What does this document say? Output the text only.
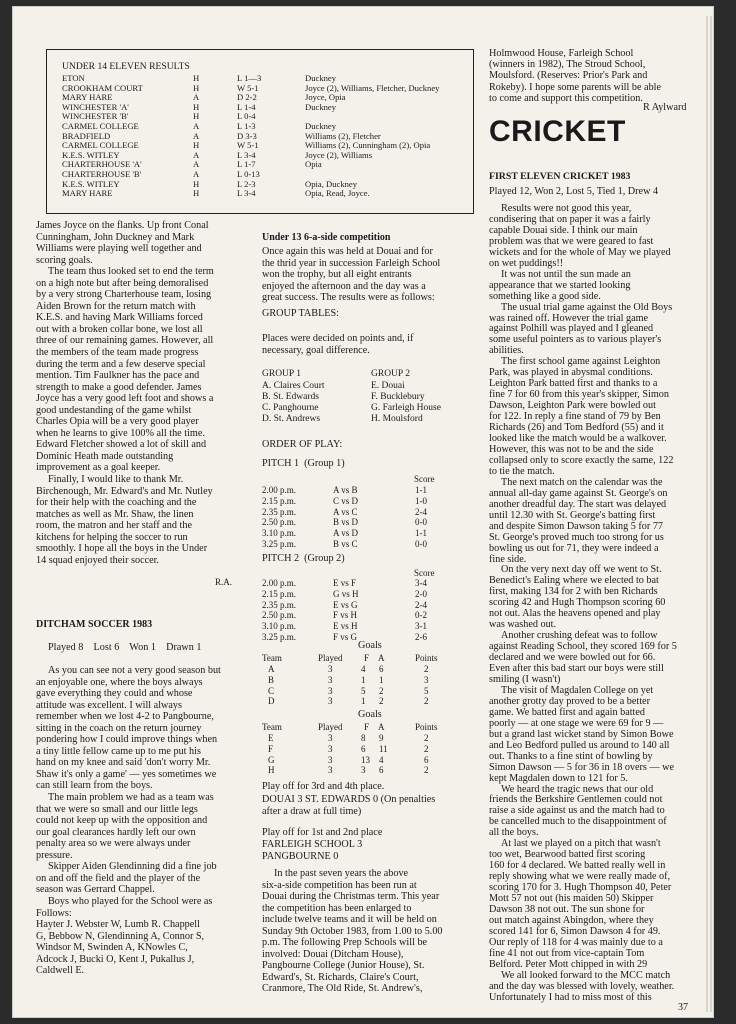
UNDER 14 ELEVEN RESULTS
ETON	H	L 1—3	Duckney
CROOKHAM COURT	H	W 5-1	Joyce (2), Williams, Fletcher, Duckney
MARY HARE	A	D 2-2	Joyce, Opia
WINCHESTER 'A'	H	L 1-4	Duckney
WINCHESTER 'B'	H	L 0-4
CARMEL COLLEGE	A	L 1-3	Duckney
BRADFIELD	A	D 3-3	Williams (2), Fletcher
CARMEL COLLEGE	H	W 5-1	Williams (2), Cunningham (2), Opia
K.E.S. WITLEY	A	L 3-4	Joyce (2), Williams
CHARTERHOUSE 'A'	A	L 1-7	Opia
CHARTERHOUSE 'B'	A	L 0-13
K.E.S. WITLEY	H	L 2-3	Opia, Duckney
MARY HARE	H	L 3-4	Opia, Read, Joyce.
James Joyce on the flanks. Up front Conal
Cunningham, John Duckney and Mark
Williams were playing well together and
scoring goals.
The team thus looked set to end the term
on a high note but after being demoralised
by a very strong Charterhouse team, losing
Aiden Brown for the return match with
K.E.S. and having Mark Williams forced
out with a broken collar bone, we lost all
three of our remaining games. However, all
the members of the team made progress
during the term and a few deserve special
mention. Tim Faulkner has the pace and
strength to make a good defender. James
Joyce has a very good left foot and shows a
good undestanding of the game whilst
Charles Opia will be a very good player
when he learns to give 100% all the time.
Edward Fletcher showed a lot of skill and
Dominic Heath made outstanding
improvement as a goal keeper.
Finally, I would like to thank Mr.
Birchenough, Mr. Edward's and Mr. Nutley
for their help with the coaching and the
matches as well as Mr. Shaw, the linen
room, the matron and her staff and the
kitchens for helping the soccer to run
smoothly. I hope all the boys in the Under
14 squad enjoyed their soccer.
R.A.
DITCHAM SOCCER 1983
Played 8    Lost 6    Won 1    Drawn 1
As you can see not a very good season but
an enjoyable one, where the boys always
gave everything they could and whose
attitude was excellent. I will always
remember when we lost 4-2 to Pangbourne,
sitting in the coach on the return journey
pondering how I could improve things when
a tiny little fellow came up to me put his
hand on my knee and said 'don't worry Mr.
Shaw it's only a game' — yes sometimes we
can still learn from the boys.
The main problem we had as a team was
that we were so small and our little legs
could not keep up with the opposition and
our goal clearances hardly left our own
penalty area so we were always under
pressure.
Skipper Aiden Glendinning did a fine job
on and off the field and the player of the
season was Gerrard Chappel.
Boys who played for the School were as
Follows:
Hayter J. Webster W, Lumb R. Chappell
G, Bebbow N, Glendinning A, Connor S,
Windsor M, Swinden A, KNowles C,
Adcock J, Bucki O, Kent J, Pukallus J,
Caldwell E.
Under 13 6-a-side competition
Once again this was held at Douai and for
the thrid year in succession Farleigh School
won the trophy, but all eight entrants
enjoyed the afternoon and the day was a
great success. The results were as follows:
GROUP TABLES:
Places were decided on points and, if
necessary, goal difference.
GROUP 1
A. Claires Court
B. St. Edwards
C. Panghourne
D. St. Andrews
GROUP 2
E. Douai
F. Bucklebury
G. Farleigh House
H. Moulsford
ORDER OF PLAY:
PITCH 1  (Group 1)
Score
2.00 p.m.	A vs B	1-1
2.15 p.m.	C vs D	1-0
2.35 p.m.	A vs C	2-4
2.50 p.m.	B vs D	0-0
3.10 p.m.	A vs D	1-1
3.25 p.m.	B vs C	0-0
PITCH 2  (Group 2)
Score
2.00 p.m.	E vs F	3-4
2.15 p.m.	G vs H	2-0
2.35 p.m.	E vs G	2-4
2.50 p.m.	F vs H	0-2
3.10 p.m.	E vs H	3-1
3.25 p.m.	F vs G	2-6
Goals
Team	Played F A	Points
A	3	4 6	2
B	3	1 1	3
C	3	5 2	5
D	3	1 2	2
Goals
Team	Played F A	Points
E	3	8 9	2
F	3	6 11	2
G	3	13 4	6
H	3	3 6	2
Play off for 3rd and 4th place.
DOUAI 3 ST. EDWARDS 0 (On penalties
after a draw at full time)
Play off for 1st and 2nd place
FARLEIGH SCHOOL 3
PANGBOURNE 0
In the past seven years the above
six-a-side competition has been run at
Douai during the Christmas term. This year
the competition has been enlarged to
include twelve teams and it will be held on
Sunday 9th October 1983, from 1.00 to 5.00
p.m. The following Prep Schools will be
involved: Douai (Ditcham House),
Pangbourne College (Junior House), St.
Edward's, St. Richards, Claire's Court,
Cranmore, The Old Ride, St. Andrew's,
Holmwood House, Farleigh School
(winners in 1982), The Stroud School,
Moulsford. (Reserves: Prior's Park and
Rokeby). I hope some parents will be able
to come and support this competition.
R Aylward
CRICKET
FIRST ELEVEN CRICKET 1983
Played 12, Won 2, Lost 5, Tied 1, Drew 4
Results were not good this year,
condisering that on paper it was a fairly
capable Douai side. I think our main
problem was that we were geared to fast
wickets and for the whole of May we played
on wet puddings!!
It was not until the sun made an
appearance that we started looking
something like a good side.
The usual trial game against the Old Boys
was rained off. However the trial game
against Polhill was played and I gleaned
some useful pointers as to various player's
abilities.
The first school game against Leighton
Park, was played in abysmal conditions.
Leighton Park batted first and thanks to a
fine 7 for 60 from this year's skipper, Simon
Dawson, Leighton Park were bowled out
for 122. In reply a fine stand of 79 by Ben
Richards (26) and Tom Bedford (55) and it
looked like the match would be a walkover.
However, this was not to be and the side
collapsed only to score exactly the same, 122
to tie the match.
The next match on the calendar was the
annual all-day game against St. George's on
another dreadful day. The start was delayed
until 12.30 with St. George's batting first
and despite Simon Dawson taking 5 for 77
St. George's proved much too strong for us
bowling us out for 71, they were indeed a
fine side.
On the very next day off we went to St.
Benedict's Ealing where we elected to bat
first, making 134 for 2 with ben Richards
scoring 42 and Hugh Thompson scoring 60
not out. Alas the heavens opened and play
was washed out.
Another crushing defeat was to follow
against Reading School, they scored 169 for 5
declared and we were bowled out for 66.
Even after this bad start our boys were still
smiling (I wasn't)
The visit of Magdalen College on yet
another grotty day proved to be a better
game. We batted first and again batted
poorly — at one stage we were 69 for 9 —
but a grand last wicket stand by Simon Bowe
and Leo Bedford pulled us around to 140 all
out. Thanks to a fine stint of bowling by
Simon Dawson — 5 for 36 in 18 overs — we
kept Magdalen down to 121 for 5.
We heard the tragic news that our old
friends the Berkshire Gentlemen could not
raise a side against us and the match had to
be cancelled much to the disappointment of
all the boys.
At last we played on a pitch that wasn't
too wet, Bearwood batted first scoring
160 for 4 declared. We batted really well in
reply showing what we were really made of,
scoring 170 for 3. Hugh Thompson 40, Peter
Mott 57 not out (his maiden 50) Skipper
Dawson 38 not out. The sun shone for
out match against Abingdon, where they
scored 141 for 6, Simon Dawson 4 for 49.
Our reply of 118 for 4 was mainly due to a
fine 41 not out from vice-captain Tom
Belford. Peter Mott chipped in with 29
We all looked forward to the MCC match
and the day was blessed with lovely, weather.
Unfortunately I had to miss most of this
37
